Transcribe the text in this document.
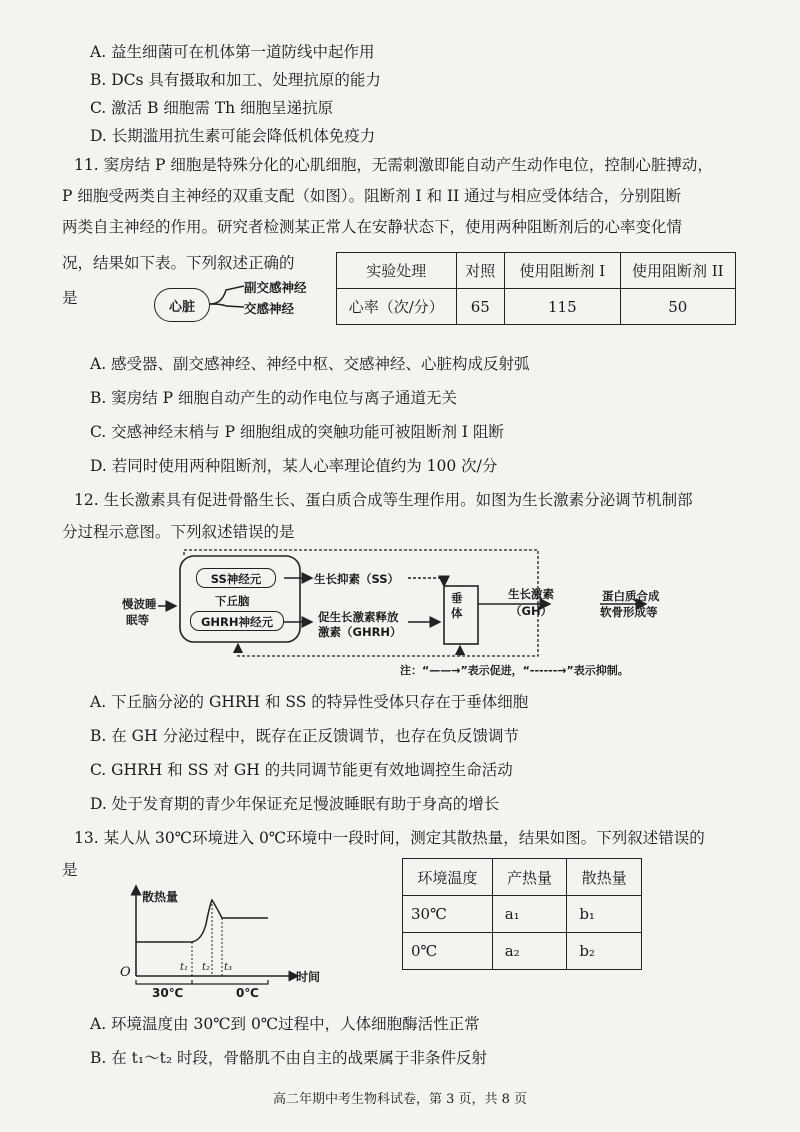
A. 益生细菌可在机体第一道防线中起作用
B. DCs 具有摄取和加工、处理抗原的能力
C. 激活 B 细胞需 Th 细胞呈递抗原
D. 长期滥用抗生素可能会降低机体免疫力
11. 窦房结 P 细胞是特殊分化的心肌细胞，无需刺激即能自动产生动作电位，控制心脏搏动，
P 细胞受两类自主神经的双重支配（如图）。阻断剂 I 和 II 通过与相应受体结合，分别阻断
两类自主神经的作用。研究者检测某正常人在安静状态下，使用两种阻断剂后的心率变化情
况，结果如下表。下列叙述正确的
是	心脏
副交感神经
交感神经
实验处理	对照	使用阻断剂 I	使用阻断剂 II
心率（次/分）	65	115	50
A. 感受器、副交感神经、神经中枢、交感神经、心脏构成反射弧
B. 窦房结 P 细胞自动产生的动作电位与离子通道无关
C. 交感神经末梢与 P 细胞组成的突触功能可被阻断剂 I 阻断
D. 若同时使用两种阻断剂，某人心率理论值约为 100 次/分
12. 生长激素具有促进骨骼生长、蛋白质合成等生理作用。如图为生长激素分泌调节机制部
分过程示意图。下列叙述错误的是
SS神经元
下丘脑
GHRH神经元
慢波睡
眠等
生长抑素（SS）
促生长激素释放
激素（GHRH）
垂
体
生长激素
（GH）
蛋白质合成
软骨形成等
注：“——→”表示促进，“------→”表示抑制。
A. 下丘脑分泌的 GHRH 和 SS 的特异性受体只存在于垂体细胞
B. 在 GH 分泌过程中，既存在正反馈调节，也存在负反馈调节
C. GHRH 和 SS 对 GH 的共同调节能更有效地调控生命活动
D. 处于发育期的青少年保证充足慢波睡眠有助于身高的增长
13. 某人从 30℃环境进入 0℃环境中一段时间，测定其散热量，结果如图。下列叙述错误的
是
散热量
O	时间
t₁ t₂ t₃
30℃	0℃
环境温度	产热量	散热量
30℃	a₁	b₁
0℃	a₂	b₂
A. 环境温度由 30℃到 0℃过程中，人体细胞酶活性正常
B. 在 t₁～t₂ 时段，骨骼肌不由自主的战栗属于非条件反射
高二年期中考生物科试卷，第 3 页，共 8 页
